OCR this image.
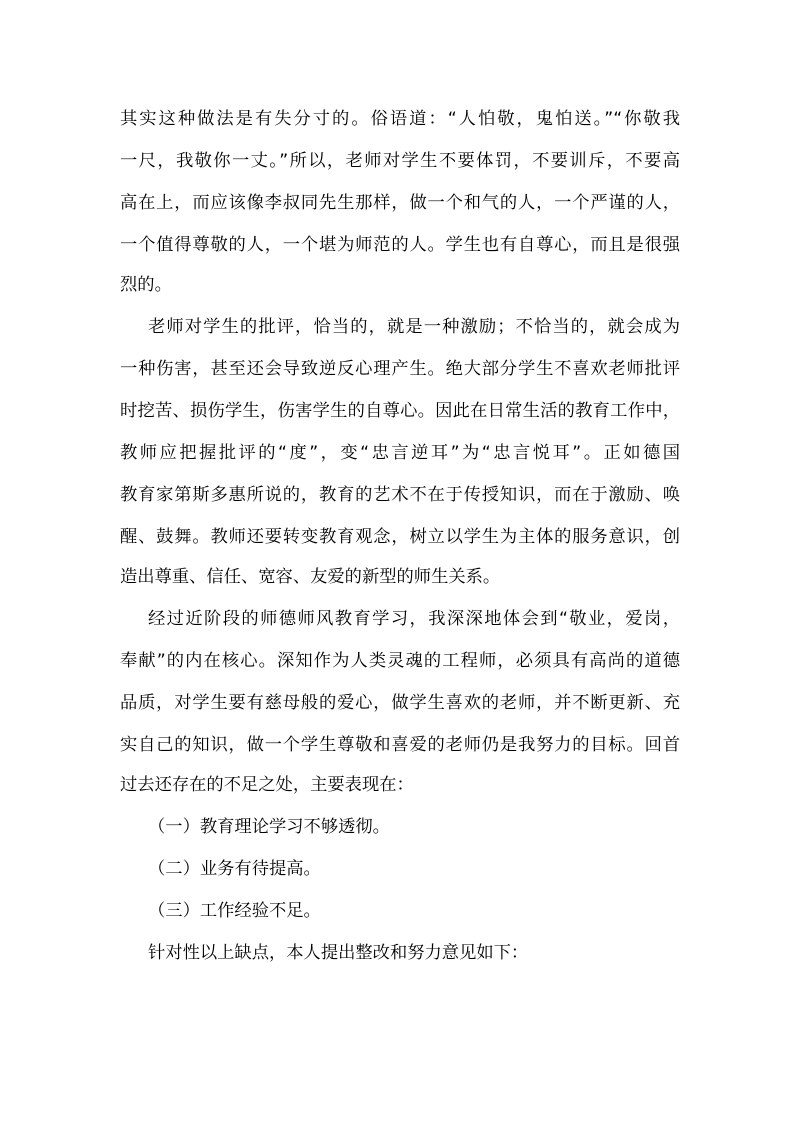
其实这种做法是有失分寸的。俗语道：“人怕敬，鬼怕送。”“你敬我
一尺，我敬你一丈。”所以，老师对学生不要体罚，不要训斥，不要高
高在上，而应该像李叔同先生那样，做一个和气的人，一个严谨的人，
一个值得尊敬的人，一个堪为师范的人。学生也有自尊心，而且是很强
烈的。
老师对学生的批评，恰当的，就是一种激励；不恰当的，就会成为
一种伤害，甚至还会导致逆反心理产生。绝大部分学生不喜欢老师批评
时挖苦、损伤学生，伤害学生的自尊心。因此在日常生活的教育工作中，
教师应把握批评的“度”，变“忠言逆耳”为“忠言悦耳”。正如德国
教育家第斯多惠所说的，教育的艺术不在于传授知识，而在于激励、唤
醒、鼓舞。教师还要转变教育观念，树立以学生为主体的服务意识，创
造出尊重、信任、宽容、友爱的新型的师生关系。
经过近阶段的师德师风教育学习，我深深地体会到“敬业，爱岗，
奉献”的内在核心。深知作为人类灵魂的工程师，必须具有高尚的道德
品质，对学生要有慈母般的爱心，做学生喜欢的老师，并不断更新、充
实自己的知识，做一个学生尊敬和喜爱的老师仍是我努力的目标。回首
过去还存在的不足之处，主要表现在：
（一）教育理论学习不够透彻。
（二）业务有待提高。
（三）工作经验不足。
针对性以上缺点，本人提出整改和努力意见如下：
